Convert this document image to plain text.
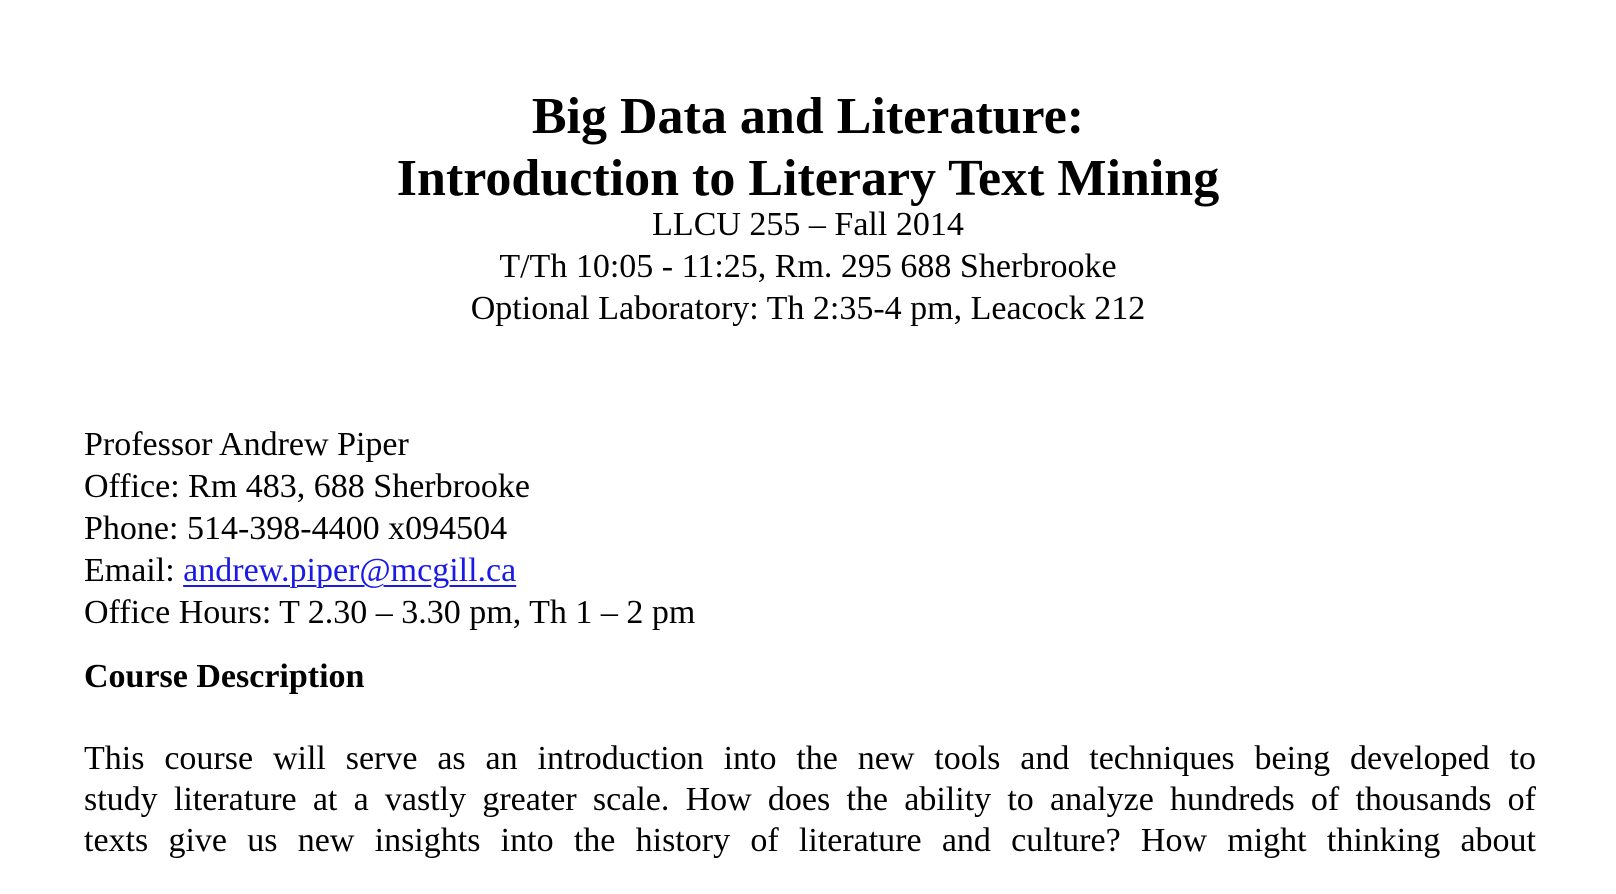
Big Data and Literature:

Introduction to Literary Text Mining

LLCU 255 – Fall 2014

T/Th 10:05 - 11:25, Rm. 295 688 Sherbrooke

Optional Laboratory: Th 2:35-4 pm, Leacock 212

Professor Andrew Piper

Office: Rm 483, 688 Sherbrooke

Phone: 514-398-4400 x094504

Email: andrew.piper@mcgill.ca

Office Hours: T 2.30 – 3.30 pm, Th 1 – 2 pm

Course Description

This course will serve as an introduction into the new tools and techniques being developed to

study literature at a vastly greater scale. How does the ability to analyze hundreds of thousands of

texts give us new insights into the history of literature and culture? How might thinking about
